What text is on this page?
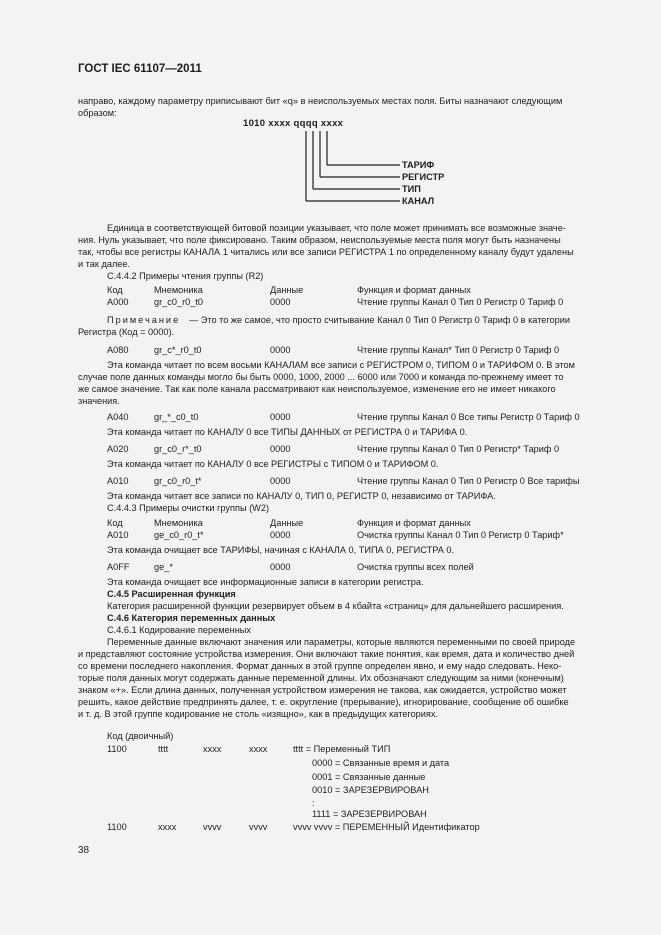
ГОСТ IEC 61107—2011
направо, каждому параметру приписывают бит «q» в неиспользуемых местах поля. Биты назначают следующим
образом:
1010 xxxx qqqq xxxx
ТАРИФ
РЕГИСТР
ТИП
КАНАЛ
Единица в соответствующей битовой позиции указывает, что поле может принимать все возможные значе-
ния. Нуль указывает, что поле фиксировано. Таким образом, неиспользуемые места поля могут быть назначены
так, чтобы все регистры КАНАЛА 1 читались или все записи РЕГИСТРА 1 по определенному каналу будут удалены
и так далее.
С.4.4.2 Примеры чтения группы (R2)
Код	Мнемоника	Данные	Функция и формат данных
A000	gr_c0_r0_t0	0000	Чтение группы Канал 0 Тип 0 Регистр 0 Тариф 0
Примечание — Это то же самое, что просто считывание Канал 0 Тип 0 Регистр 0 Тариф 0 в категории
Регистра (Код = 0000).
A080	gr_c*_r0_t0	0000	Чтение группы Канал* Тип 0 Регистр 0 Тариф 0
Эта команда читает по всем восьми КАНАЛАМ все записи с РЕГИСТРОМ 0, ТИПОМ 0 и ТАРИФОМ 0. В этом
случае поле данных команды могло бы быть 0000, 1000, 2000 ... 6000 или 7000 и команда по-прежнему имеет то
же самое значение. Так как поле канала рассматривают как неиспользуемое, изменение его не имеет никакого
значения.
A040	gr_*_c0_t0	0000	Чтение группы Канал 0 Все типы Регистр 0 Тариф 0
Эта команда читает по КАНАЛУ 0 все ТИПЫ ДАННЫХ от РЕГИСТРА 0 и ТАРИФА 0.
A020	gr_c0_r*_t0	0000	Чтение группы Канал 0 Тип 0 Регистр* Тариф 0
Эта команда читает по КАНАЛУ 0 все РЕГИСТРЫ с ТИПОМ 0 и ТАРИФОМ 0.
A010	gr_c0_r0_t*	0000	Чтение группы Канал 0 Тип 0 Регистр 0 Все тарифы
Эта команда читает все записи по КАНАЛУ 0, ТИП 0, РЕГИСТР 0, независимо от ТАРИФА.
С.4.4.3 Примеры очистки группы (W2)
Код	Мнемоника	Данные	Функция и формат данных
A010	ge_c0_r0_t*	0000	Очистка группы Канал 0 Тип 0 Регистр 0 Тариф*
Эта команда очищает все ТАРИФЫ, начиная с КАНАЛА 0, ТИПА 0, РЕГИСТРА 0.
A0FF	ge_*	0000	Очистка группы всех полей
Эта команда очищает все информационные записи в категории регистра.
С.4.5 Расширенная функция
Категория расширенной функции резервирует объем в 4 кбайта «страниц» для дальнейшего расширения.
С.4.6 Категория переменных данных
С.4.6.1 Кодирование переменных
Переменные данные включают значения или параметры, которые являются переменными по своей природе
и представляют состояние устройства измерения. Они включают такие понятия, как время, дата и количество дней
со времени последнего накопления. Формат данных в этой группе определен явно, и ему надо следовать. Неко-
торые поля данных могут содержать данные переменной длины. Их обозначают следующим за ними (конечным)
знаком «+». Если длина данных, полученная устройством измерения не такова, как ожидается, устройство может
решить, какое действие предпринять далее, т. е. округление (прерывание), игнорирование, сообщение об ошибке
и т. д. В этой группе кодирование не столь «изящно», как в предыдущих категориях.
Код (двоичный)
1100	tttt	xxxx	xxxx	tttt = Переменный ТИП
0000 = Связанные время и дата
0001 = Связанные данные
0010 = ЗАРЕЗЕРВИРОВАН
:
1111 = ЗАРЕЗЕРВИРОВАН
1100	xxxx	vvvv	vvvv	vvvv vvvv = ПЕРЕМЕННЫЙ Идентификатор
38
